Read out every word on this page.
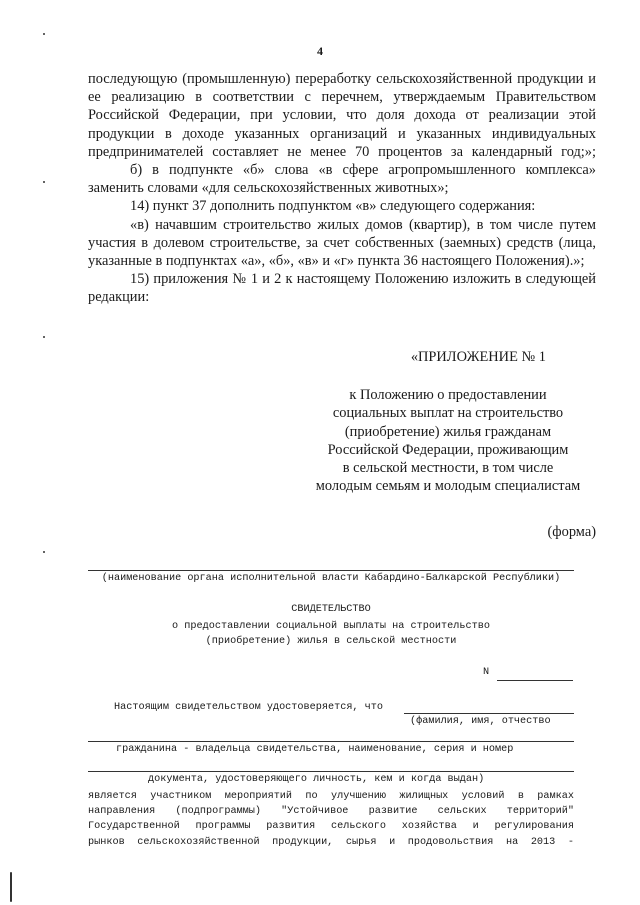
4

последующую (промышленную) переработку сельскохозяйственной продукции и ее реализацию в соответствии с перечнем, утверждаемым Правительством Российской Федерации, при условии, что доля дохода от реализации этой продукции в доходе указанных организаций и указанных индивидуальных предпринимателей составляет не менее 70 процентов за календарный год;»;

б) в подпункте «б» слова «в сфере агропромышленного комплекса» заменить словами «для сельскохозяйственных животных»;

14) пункт 37 дополнить подпунктом «в» следующего содержания:

«в) начавшим строительство жилых домов (квартир), в том числе путем участия в долевом строительстве, за счет собственных (заемных) средств (лица, указанные в подпунктах «а», «б», «в» и «г» пункта 36 настоящего Положения).»;

15) приложения № 1 и 2 к настоящему Положению изложить в следующей редакции:

«ПРИЛОЖЕНИЕ № 1
к Положению о предоставлении
социальных выплат на строительство
(приобретение) жилья гражданам
Российской Федерации, проживающим
в сельской местности, в том числе
молодым семьям и молодым специалистам
(форма)
(наименование органа исполнительной власти Кабардино-Балкарской Республики)
СВИДЕТЕЛЬСТВО
о предоставлении социальной выплаты на строительство
(приобретение) жилья в сельской местности
N
Настоящим свидетельством удостоверяется, что
(фамилия, имя, отчество
гражданина - владельца свидетельства, наименование, серия и номер
документа, удостоверяющего личность, кем и когда выдан)
является участником мероприятий по улучшению жилищных условий в рамках
направления (подпрограммы) "Устойчивое развитие сельских территорий"
Государственной программы развития сельского хозяйства и регулирования
рынков сельскохозяйственной продукции, сырья и продовольствия на 2013 -
